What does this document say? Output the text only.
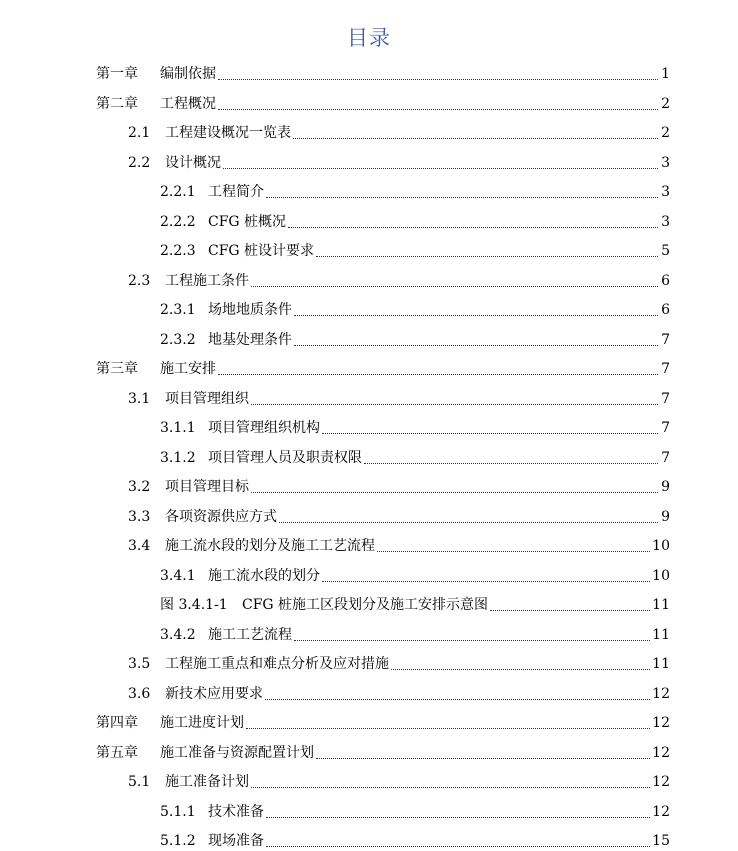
目录
第一章	编制依据	1
第二章	工程概况	2
2.1	工程建设概况一览表	2
2.2	设计概况	3
2.2.1 工程简介	3
2.2.2 CFG 桩概况	3
2.2.3 CFG 桩设计要求	5
2.3	工程施工条件	6
2.3.1 场地地质条件	6
2.3.2 地基处理条件	7
第三章	施工安排	7
3.1	项目管理组织	7
3.1.1 项目管理组织机构	7
3.1.2 项目管理人员及职责权限	7
3.2	项目管理目标	9
3.3	各项资源供应方式	9
3.4	施工流水段的划分及施工工艺流程	10
3.4.1 施工流水段的划分	10
图 3.4.1-1	CFG 桩施工区段划分及施工安排示意图	11
3.4.2 施工工艺流程	11
3.5	工程施工重点和难点分析及应对措施	11
3.6	新技术应用要求	12
第四章	施工进度计划	12
第五章	施工准备与资源配置计划	12
5.1	施工准备计划	12
5.1.1 技术准备	12
5.1.2 现场准备	15
